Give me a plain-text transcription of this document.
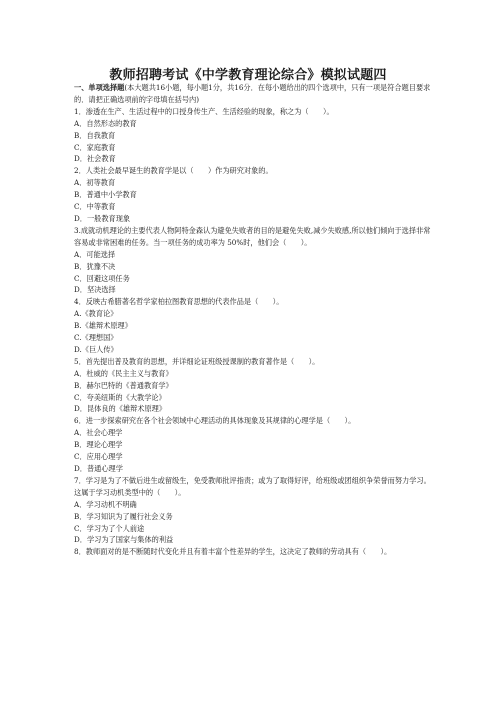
教师招聘考试《中学教育理论综合》模拟试题四
一、单项选择题(本大题共16小题，每小题1分，共16分．在每小题给出的四个选项中，只有一项是符合题目要求的．请把正确选项前的字母填在括号内)
1．渗透在生产、生活过程中的口授身传生产、生活经验的现象，称之为（　　）。
A．自然形态的教育
B．自我教育
C．家庭教育
D．社会教育
2．人类社会最早诞生的教育学是以（　　）作为研究对象的。
A．初等教育
B．普通中小学教育
C．中等教育
D．一般教育现象
3.成就动机理论的主要代表人物阿特金森认为避免失败者的目的是避免失败,减少失败感,所以他们倾向于选择非常容易或非常困难的任务。当一项任务的成功率为 50%时，他们会（　　）。
A．可能选择
B．犹豫不决
C．回避这项任务
D．坚决选择
4．反映古希腊著名哲学家柏拉图教育思想的代表作品是（　　）。
A.《教育论》
B.《雄辩术原理》
C.《理想国》
D.《巨人传》
5．首先提出普及教育的思想，并详细论证班级授课制的教育著作是（　　）。
A．杜威的《民主主义与教育》
B．赫尔巴特的《普通教育学》
C．夸美纽斯的《大教学论》
D．昆体良的《雄辩术原理》
6．进一步探索研究在各个社会领域中心理活动的具体现象及其规律的心理学是（　　）。
A．社会心理学
B．理论心理学
C．应用心理学
D．普通心理学
7．学习是为了不做后进生或留级生，免受教师批评指责；或为了取得好评，给班级或团组织争荣誉而努力学习。这属于学习动机类型中的（　　）。
A．学习动机不明确
B．学习知识为了履行社会义务
C．学习为了个人前途
D．学习为了国家与集体的利益
8．教师面对的是不断随时代变化并且有着丰富个性差异的学生，这决定了教师的劳动具有（　　）。
